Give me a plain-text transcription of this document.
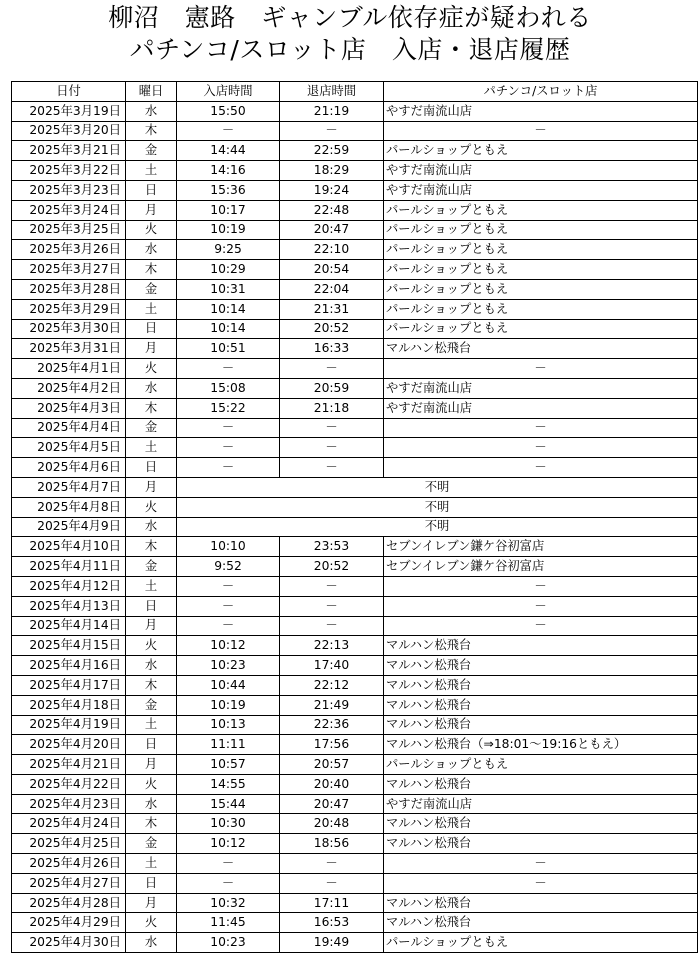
柳沼　憲路　ギャンブル依存症が疑われる
パチンコ/スロット店　入店・退店履歴
日付	曜日	入店時間	退店時間	パチンコ/スロット店
2025年3月19日	水	15:50	21:19	やすだ南流山店
2025年3月20日	木	－	－	－
2025年3月21日	金	14:44	22:59	パールショップともえ
2025年3月22日	土	14:16	18:29	やすだ南流山店
2025年3月23日	日	15:36	19:24	やすだ南流山店
2025年3月24日	月	10:17	22:48	パールショップともえ
2025年3月25日	火	10:19	20:47	パールショップともえ
2025年3月26日	水	9:25	22:10	パールショップともえ
2025年3月27日	木	10:29	20:54	パールショップともえ
2025年3月28日	金	10:31	22:04	パールショップともえ
2025年3月29日	土	10:14	21:31	パールショップともえ
2025年3月30日	日	10:14	20:52	パールショップともえ
2025年3月31日	月	10:51	16:33	マルハン松飛台
2025年4月1日	火	－	－	－
2025年4月2日	水	15:08	20:59	やすだ南流山店
2025年4月3日	木	15:22	21:18	やすだ南流山店
2025年4月4日	金	－	－	－
2025年4月5日	土	－	－	－
2025年4月6日	日	－	－	－
2025年4月7日	月	不明		
2025年4月8日	火	不明		
2025年4月9日	水	不明		
2025年4月10日	木	10:10	23:53	セブンイレブン鎌ケ谷初富店
2025年4月11日	金	9:52	20:52	セブンイレブン鎌ケ谷初富店
2025年4月12日	土	－	－	－
2025年4月13日	日	－	－	－
2025年4月14日	月	－	－	－
2025年4月15日	火	10:12	22:13	マルハン松飛台
2025年4月16日	水	10:23	17:40	マルハン松飛台
2025年4月17日	木	10:44	22:12	マルハン松飛台
2025年4月18日	金	10:19	21:49	マルハン松飛台
2025年4月19日	土	10:13	22:36	マルハン松飛台
2025年4月20日	日	11:11	17:56	マルハン松飛台（⇒18:01～19:16ともえ）
2025年4月21日	月	10:57	20:57	パールショップともえ
2025年4月22日	火	14:55	20:40	マルハン松飛台
2025年4月23日	水	15:44	20:47	やすだ南流山店
2025年4月24日	木	10:30	20:48	マルハン松飛台
2025年4月25日	金	10:12	18:56	マルハン松飛台
2025年4月26日	土	－	－	－
2025年4月27日	日	－	－	－
2025年4月28日	月	10:32	17:11	マルハン松飛台
2025年4月29日	火	11:45	16:53	マルハン松飛台
2025年4月30日	水	10:23	19:49	パールショップともえ
